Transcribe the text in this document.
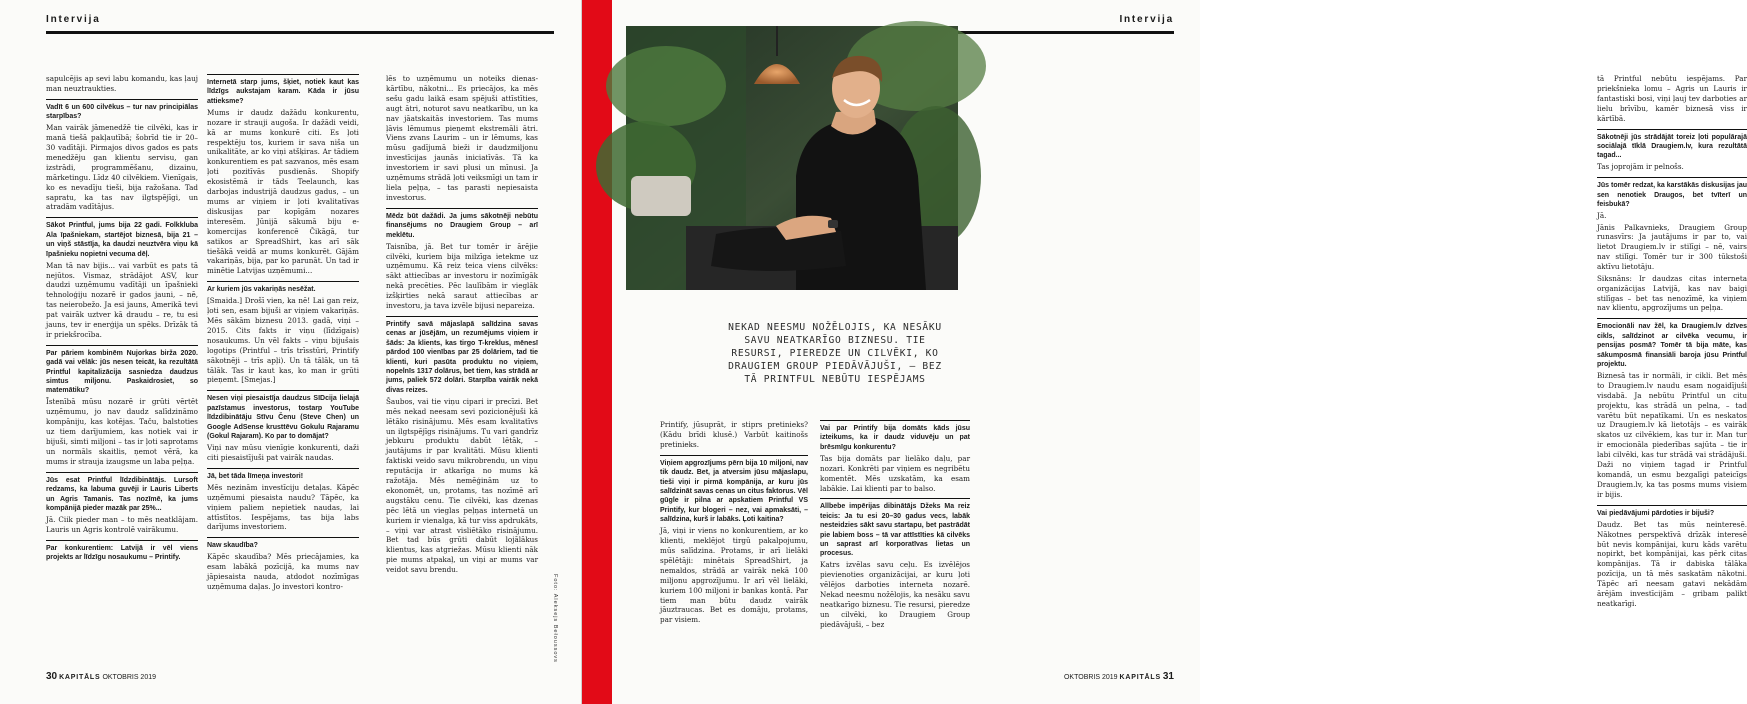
Intervija

sapulcējis ap sevi labu komandu, kas ļauj man neuztraukties.

Vadīt 6 un 600 cilvēkus – tur nav principiālas starpības?

Man vairāk jāmenedžē tie cilvēki, kas ir manā tiešā pakļautībā; šobrīd tie ir 20–30 vadītāji. Pirmajos divos gados es pats menedžēju gan klientu servisu, gan izstrādi, programmēšanu, dizainu, mārketingu. Līdz 40 cilvēkiem. Vienīgais, ko es nevadīju tieši, bija ražošana. Tad sapratu, ka tas nav ilgtspējīgi, un atradām vadītājus.

Sākot Printful, jums bija 22 gadi. Folkkluba Ala īpašniekam, startējot biznesā, bija 21 – un viņš stāstīja, ka daudzi neuztvēra viņu kā īpašnieku nopietni vecuma dēļ.

Man tā nav bijis... vai varbūt es pats tā nejūtos. Vismaz, strādājot ASV, kur daudzi uzņēmumu vadītāji un īpašnieki tehnoloģiju nozarē ir gados jauni, – nē, tas neierobežo. Ja esi jauns, Amerikā tevi pat vairāk uztver kā draudu – re, tu esi jauns, tev ir enerģija un spēks. Drīzāk tā ir priekšrocība.

Par pāriem kombinēm Nujorkas birža 2020. gadā vai vēlāk: jūs nesen teicāt, ka rezultātā Printful kapitalizācija sasniedza daudzus simtus miljonu. Paskaidrosiet, so matemātiku?

Īstenībā mūsu nozarē ir grūti vērtēt uzņēmumu, jo nav daudz salīdzināmo kompāniju, kas kotējas. Taču, balstoties uz tiem darījumiem, kas notiek vai ir bijuši, simti miljoni – tas ir ļoti saprotams un normāls skaitlis, ņemot vērā, ka mums ir strauja izaugsme un laba peļņa.

Jūs esat Printful līdzdibinātājs. Lursoft redzams, ka labuma guvēji ir Lauris Liberts un Agris Tamanis. Tas nozīmē, ka jums kompānijā pieder mazāk par 25%...

Jā. Ciik pieder man – to mēs neatklājam. Lauris un Agris kontrolē vairākumu.

Par konkurentiem: Latvijā ir vēl viens projekts ar līdzīgu nosaukumu – Printify.

Internetā starp jums, šķiet, notiek kaut kas līdzīgs aukstajam karam. Kāda ir jūsu attieksme?

Mums ir daudz dažādu konkurentu, nozare ir strauji augoša. Ir dažādi veidi, kā ar mums konkurē citi. Es ļoti respektēju tos, kuriem ir sava niša un unikalitāte, ar ko viņi atšķiras. Ar tādiem konkurentiem es pat sazvanos, mēs esam ļoti pozitīvās pusdienās. Shopify ekosistēmā ir tāds Teelaunch, kas darbojas industrijā daudzus gadus, – un mums ar viņiem ir ļoti kvalitatīvas diskusijas par kopīgām nozares interesēm. Jūnijā sākumā biju e-komercijas konferencē Čikāgā, tur satikos ar SpreadShirt, kas arī sāk tiešākā veidā ar mums konkurēt. Gājām vakariņās, bija, par ko parunāt. Un tad ir minētie Latvijas uzņēmumi...

Ar kuriem jūs vakariņās nesēžat.

[Smaida.] Drošī vien, ka nē! Lai gan reiz, ļoti sen, esam bijuši ar viņiem vakariņās. Mēs sākām biznesu 2013. gadā, viņi – 2015. Cits fakts ir viņu (līdzīgais) nosaukums. Un vēl fakts – viņu bijušais logotips (Printful – trīs trīsstūri, Printify sākotnēji – trīs apļi). Un tā tālāk, un tā tālāk. Tas ir kaut kas, ko man ir grūti pieņemt. [Smejas.]

Nesen viņi piesaistīja daudzus SIDcija lielajā pazīstamus investorus, tostarp YouTube līdzdibinātāju Stīvu Čenu (Steve Chen) un Google AdSense krusttēvu Gokulu Rajaramu (Gokul Rajaram). Ko par to domājat?

Viņi nav mūsu vienīgie konkurenti, daži citi piesaistījuši pat vairāk naudas.

Jā, bet tāda līmeņa investori!

Mēs nezinām investīciju detaļas. Kāpēc uzņēmumi piesaista naudu? Tāpēc, ka viņiem paliem nepietiek naudas, lai attīstītos. Iespējams, tas bija labs darījums investoriem.

Naw skaudība?

Kāpēc skaudība? Mēs priecājamies, ka esam labākā pozīcijā, ka mums nav jāpiesaista nauda, atdodot nozīmīgas uzņēmuma daļas. Jo investori kontro-

lēs to uzņēmumu un noteiks dienas-kārtību, nākotni... Es priecājos, ka mēs sešu gadu laikā esam spējuši attīstīties, augt ātri, noturot savu neatkarību, un ka nav jāatskaitās investoriem. Tas mums ļāvis lēmumus pieņemt ekstremāli ātri. Viens zvans Laurim – un ir lēmums, kas mūsu gadījumā bieži ir daudzmiljonu investīcijas jaunās iniciatīvās. Tā ka investoriem ir savi plusi un mīnusi. Ja uzņēmums strādā ļoti veiksmīgi un tam ir liela peļņa, – tas parasti nepiesaista investorus.

Mēdz būt dažādi. Ja jums sākotnēji nebūtu finansējums no Draugiem Group – arī meklētu.

Taisnība, jā. Bet tur tomēr ir ārējie cilvēki, kuriem bija milzīga ietekme uz uzņēmumu. Kā reiz teica viens cilvēks: sākt attiecības ar investoru ir nozīmīgāk nekā precēties. Pēc laulībām ir vieglāk izšķirties nekā saraut attiecības ar investoru, ja tava izvēle bijusi nepareiza.

Printify savā mājaslapā salīdzina savas cenas ar jūsējām, un rezumējums viņiem ir šāds: Ja klients, kas tirgo T-kreklus, mēnesī pārdod 100 vienības par 25 dolāriem, tad tie klienti, kuri pasūta produktu no viņiem, nopelnīs 1317 dolārus, bet tiem, kas strādā ar jums, paliek 572 dolāri. Starpība vairāk nekā divas reizes.

Šaubos, vai tie viņu cipari ir precīzi. Bet mēs nekad neesam sevi pozicionējuši kā lētāko risinājumu. Mēs esam kvalitatīvs un ilgtspējīgs risinājums. Tu vari gandrīz jebkuru produktu dabūt lētāk, – jautājums ir par kvalitāti. Mūsu klienti faktiski veido savu mikrobrendu, un viņu reputācija ir atkarīga no mums kā ražotāja. Mēs nemēģinām uz to ekonomēt, un, protams, tas nozīmē arī augstāku cenu. Tie cilvēki, kas dzenas pēc lētā un vieglas peļņas internetā un kuriem ir vienalga, kā tur viss apdrukāts, – viņi var atrast visliētāko risinājumu. Bet tad būs grūti dabūt lojālākus klientus, kas atgriežas. Mūsu klienti nāk pie mums atpakaļ, un viņi ar mums var veidot savu brendu.

Foto: Aleksejs Bełoussovs
30 KAPITĀLS OKTOBRIS 2019
Intervija

tā Printful nebūtu iespējams. Par priekšnieka lomu – Agris un Lauris ir fantastiski bosi, viņi ļauj tev darboties ar lielu brīvību, kamēr biznesā viss ir kārtībā.

Sākotnēji jūs strādājāt toreiz ļoti populārajā sociālajā tīklā Draugiem.lv, kura rezultātā tagad...

Tas joprojām ir pelnošs.

Jūs tomēr redzat, ka karstākās diskusijas jau sen nenotiek Draugos, bet tvīterī un feisbukā?

Jā.

Jānis Palkavnieks, Draugiem Group runasvīrs: Ja jautājums ir par to, vai lietot Draugiem.lv ir stilīgi – nē, vairs nav stilīgi. Tomēr tur ir 300 tūkstoši aktīvu lietotāju.

Siksnāns: Ir daudzas citas interneta organizācijas Latvijā, kas nav baigi stilīgas – bet tas nenozīmē, ka viņiem nav klientu, apgrozījums un peļņa.

Emocionāli nav žēl, ka Draugiem.lv dzīves cikls, salīdzinot ar cilvēka vecumu, ir pensijas posmā? Tomēr tā bija māte, kas sākumposmā finansiāli baroja jūsu Printful projektu.

Biznesā tas ir normāli, ir cikli. Bet mēs to Draugiem.lv naudu esam nogaidījuši visdabā. Ja nebūtu Printful un citu projektu, kas strādā un pelna, – tad varētu būt nepatīkami. Un es neskatos uz Draugiem.lv kā lietotājs – es vairāk skatos uz cilvēkiem, kas tur ir. Man tur ir emocionāla piederības sajūta – tie ir labi cilvēki, kas tur strādā vai strādājuši. Daži no viņiem tagad ir Printful komandā, un esmu bezgalīgi pateicīgs Draugiem.lv, ka tas posms mums visiem ir bijis.

Vai piedāvājumi pārdoties ir bijuši?

Daudz. Bet tas mūs neinteresē. Nākotnes perspektīvā drīzāk interesē būt nevis kompānijai, kuru kāds varētu nopirkt, bet kompānijai, kas pērk citas kompānijas. Tā ir dabiska tālāka pozīcija, un tā mēs saskatām nākotni. Tāpēc arī neesam gatavi nekādām ārējām investīcijām – gribam palikt neatkarīgi.

NEKAD NEESMU NOŽĒLOJIS, KA NESĀKU SAVU NEATKARĪGO BIZNESU. TIE RESURSI, PIEREDZE UN CILVĒKI, KO DRAUGIEM GROUP PIEDĀVĀJUŠI, – BEZ TĀ PRINTFUL NEBŪTU IESPĒJAMS

Printify, jūsuprāt, ir stiprs pretinieks? (Kādu brīdi klusē.) Varbūt kaitinošs pretinieks.

Viņiem apgrozījums pērn bija 10 miljoni, nav tik daudz. Bet, ja atversim jūsu mājaslapu, tieši viņi ir pirmā kompānija, ar kuru jūs salīdzināt savas cenas un citus faktorus. Vēl gūgle ir pilna ar apskatiem Printful VS Printify, kur blogeri – nez, vai apmaksāti, – salīdzina, kurš ir labāks. Ļoti kaitina?

Jā, viņi ir viens no konkurentiem, ar ko klienti, meklējot tirgū pakalpojumu, mūs salīdzina. Protams, ir arī lielāki spēlētāji: minētais SpreadShirt, ja nemaldos, strādā ar vairāk nekā 100 miljonu apgrozījumu. Ir arī vēl lielāki, kuriem 100 miljoni ir bankas kontā. Par tiem man būtu daudz vairāk jāuztraucas. Bet es domāju, protams, par visiem.

Vai par Printify bija domāts kāds jūsu izteikums, ka ir daudz viduvēju un pat brēsmīgu konkurentu?

Tas bija domāts par lielāko daļu, par nozari. Konkrēti par viņiem es negribētu komentēt. Mēs uzskatām, ka esam labākie. Lai klienti par to balso.

Allbebe impērijas dibinātājs Džeks Ma reiz teicis: Ja tu esi 20–30 gadus vecs, labāk nesteidzies sākt savu startapu, bet pastrādāt pie labiem boss – tā var attīstīties kā cilvēks un saprast arī korporatīvas lietas un procesus.

Katrs izvēlas savu ceļu. Es izvēlējos pievienoties organizācijai, ar kuru ļoti vēlējos darboties interneta nozarē. Nekad neesmu nožēlojis, ka nesāku savu neatkarīgo biznesu. Tie resursi, pieredze un cilvēki, ko Draugiem Group piedāvājuši, – bez

OKTOBRIS 2019 KAPITĀLS 31
